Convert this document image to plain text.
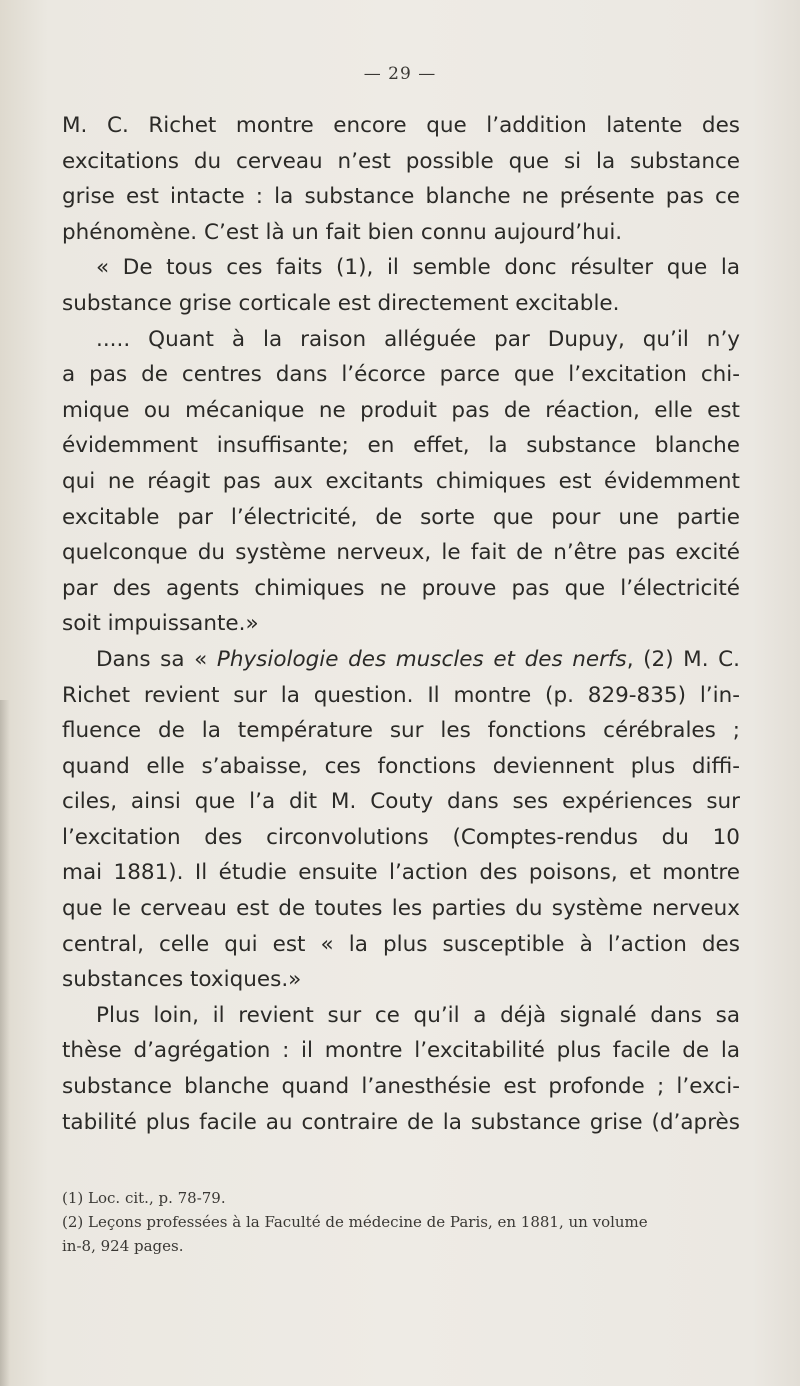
— 29 —
M. C. Richet montre encore que l’addition latente des
excitations du cerveau n’est possible que si la substance
grise est intacte : la substance blanche ne présente pas ce
phénomène. C’est là un fait bien connu aujourd’hui.
« De tous ces faits (1), il semble donc résulter que la
substance grise corticale est directement excitable.
..... Quant à la raison alléguée par Dupuy, qu’il n’y
a pas de centres dans l’écorce parce que l’excitation chi-
mique ou mécanique ne produit pas de réaction, elle est
évidemment insuffisante; en effet, la substance blanche
qui ne réagit pas aux excitants chimiques est évidemment
excitable par l’électricité, de sorte que pour une partie
quelconque du système nerveux, le fait de n’être pas excité
par des agents chimiques ne prouve pas que l’électricité
soit impuissante.»
Dans sa « Physiologie des muscles et des nerfs, (2) M. C.
Richet revient sur la question. Il montre (p. 829-835) l’in-
fluence de la température sur les fonctions cérébrales ;
quand elle s’abaisse, ces fonctions deviennent plus diffi-
ciles, ainsi que l’a dit M. Couty dans ses expériences sur
l’excitation des circonvolutions (Comptes-rendus du 10
mai 1881). Il étudie ensuite l’action des poisons, et montre
que le cerveau est de toutes les parties du système nerveux
central, celle qui est « la plus susceptible à l’action des
substances toxiques.»
Plus loin, il revient sur ce qu’il a déjà signalé dans sa
thèse d’agrégation : il montre l’excitabilité plus facile de la
substance blanche quand l’anesthésie est profonde ; l’exci-
tabilité plus facile au contraire de la substance grise (d’après
(1) Loc. cit., p. 78-79.
(2) Leçons professées à la Faculté de médecine de Paris, en 1881, un volume
in-8, 924 pages.
